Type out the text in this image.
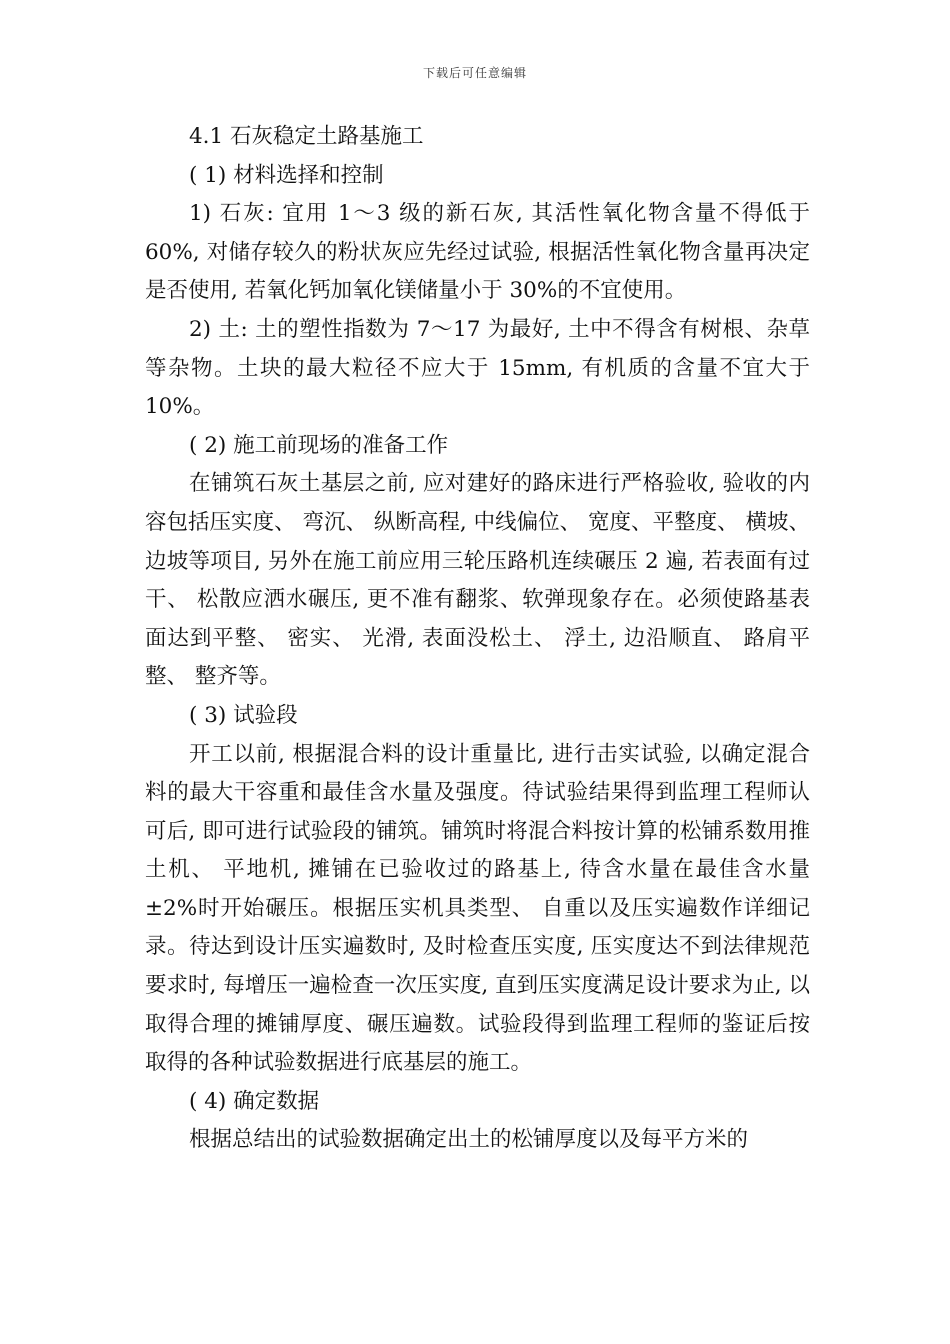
下载后可任意编辑

4.1 石灰稳定土路基施工

( 1) 材料选择和控制

1) 石灰: 宜用 1～3 级的新石灰, 其活性氧化物含量不得低于 60%, 对储存较久的粉状灰应先经过试验, 根据活性氧化物含量再决定是否使用, 若氧化钙加氧化镁储量小于 30%的不宜使用。

2) 土: 土的塑性指数为 7～17 为最好, 土中不得含有树根、杂草等杂物。土块的最大粒径不应大于 15mm, 有机质的含量不宜大于 10%。

( 2) 施工前现场的准备工作

在铺筑石灰土基层之前, 应对建好的路床进行严格验收, 验收的内容包括压实度、 弯沉、 纵断高程, 中线偏位、 宽度、平整度、 横坡、 边坡等项目, 另外在施工前应用三轮压路机连续碾压 2 遍, 若表面有过干、 松散应洒水碾压, 更不准有翻浆、软弹现象存在。必须使路基表面达到平整、 密实、 光滑, 表面没松土、 浮土, 边沿顺直、 路肩平整、 整齐等。

( 3) 试验段

开工以前, 根据混合料的设计重量比, 进行击实试验, 以确定混合料的最大干容重和最佳含水量及强度。待试验结果得到监理工程师认可后, 即可进行试验段的铺筑。铺筑时将混合料按计算的松铺系数用推土机、 平地机, 摊铺在已验收过的路基上, 待含水量在最佳含水量±2%时开始碾压。根据压实机具类型、 自重以及压实遍数作详细记录。待达到设计压实遍数时, 及时检查压实度, 压实度达不到法律规范要求时, 每增压一遍检查一次压实度, 直到压实度满足设计要求为止, 以取得合理的摊铺厚度、碾压遍数。试验段得到监理工程师的鉴证后按取得的各种试验数据进行底基层的施工。

( 4) 确定数据

根据总结出的试验数据确定出土的松铺厚度以及每平方米的
